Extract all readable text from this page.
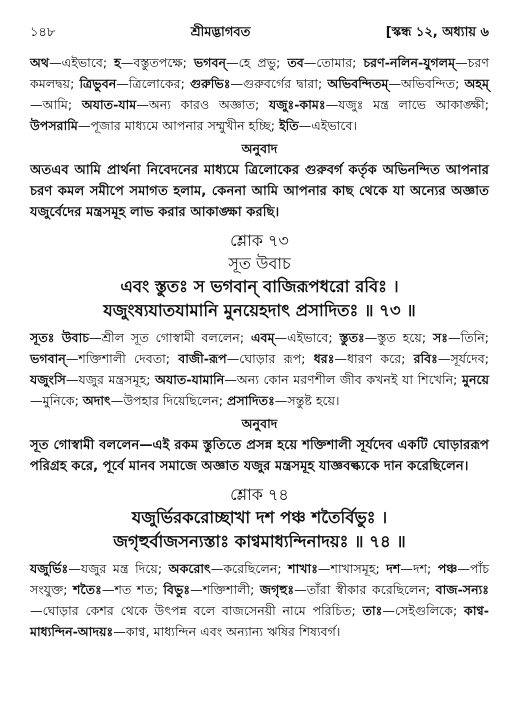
১৪৮	শ্রীমদ্ভাগবত	[স্কন্ধ ১২, অধ্যায় ৬

অথ—এইভাবে; হ—বস্তুতপক্ষে; ভগবন্—হে প্রভু; তব—তোমার; চরণ-নলিন-যুগলম্—চরণ কমলদ্বয়; ত্রিভুবন—ত্রিলোকের; গুরুভিঃ—গুরুবর্গের দ্বারা; অভিবন্দিতম্—অভিবন্দিত; অহম্—আমি; অযাত-যাম—অন্য কারও অজ্ঞাত; যজুঃ-কামঃ—যজুঃ মন্ত্র লাভে আকাঙ্ক্ষী; উপসরামি—পূজার মাধ্যমে আপনার সম্মুখীন হচ্ছি; ইতি—এইভাবে।

অনুবাদ

অতএব আমি প্রার্থনা নিবেদনের মাধ্যমে ত্রিলোকের গুরুবর্গ কর্তৃক অভিনন্দিত আপনার চরণ কমল সমীপে সমাগত হলাম, কেননা আমি আপনার কাছ থেকে যা অন্যের অজ্ঞাত যজুর্বেদের মন্ত্রসমূহ লাভ করার আকাঙ্ক্ষা করছি।

শ্লোক ৭৩
সূত উবাচ
এবং স্তুতঃ স ভগবান্ বাজিরূপধরো রবিঃ ।
যজুংষ্যযাতযামানি মুনয়েহদাৎ প্রসাদিতঃ ॥ ৭৩ ॥

সূতঃ উবাচ—শ্রীল সূত গোস্বামী বললেন; এবম্—এইভাবে; স্তুতঃ—স্তুত হয়ে; সঃ—তিনি; ভগবান্—শক্তিশালী দেবতা; বাজী-রূপ—ঘোড়ার রূপ; ধরঃ—ধারণ করে; রবিঃ—সূর্যদেব; যজুংসি—যজুর মন্ত্রসমূহ; অযাত-যামানি—অন্য কোন মরণশীল জীব কখনই যা শিখেনি; মুনয়ে—মুনিকে; অদাৎ—উপহার দিয়েছিলেন; প্রসাদিতঃ—সন্তুষ্ট হয়ে।

অনুবাদ

সূত গোস্বামী বললেন—এই রকম স্তুতিতে প্রসন্ন হয়ে শক্তিশালী সূর্যদেব একটি ঘোড়াররূপ পরিগ্রহ করে, পূর্বে মানব সমাজে অজ্ঞাত যজুর মন্ত্রসমূহ যাজ্ঞবল্ক্যকে দান করেছিলেন।

শ্লোক ৭৪
যজুর্ভিরকরোচ্ছাখা দশ পঞ্চ শতৈর্বিভুঃ ।
জগৃহুর্বাজসন্যস্তাঃ কাণ্বমাধ্যন্দিনাদয়ঃ ॥ ৭৪ ॥

যজুর্ভিঃ—যজুর মন্ত্র দিয়ে; অকরোৎ—করেছিলেন; শাখাঃ—শাখাসমূহ; দশ—দশ; পঞ্চ—পাঁচ সংযুক্ত; শতৈঃ—শত শত; বিভুঃ—শক্তিশালী; জগৃহুঃ—তাঁরা স্বীকার করেছিলেন; বাজ-সন্যঃ—ঘোড়ার কেশর থেকে উৎপন্ন বলে বাজসেনয়ী নামে পরিচিত; তাঃ—সেইগুলিকে; কাণ্ব-মাধ্যন্দিন-আদয়ঃ—কাণ্ব, মাধ্যন্দিন এবং অন্যান্য ঋষির শিষ্যবর্গ।
